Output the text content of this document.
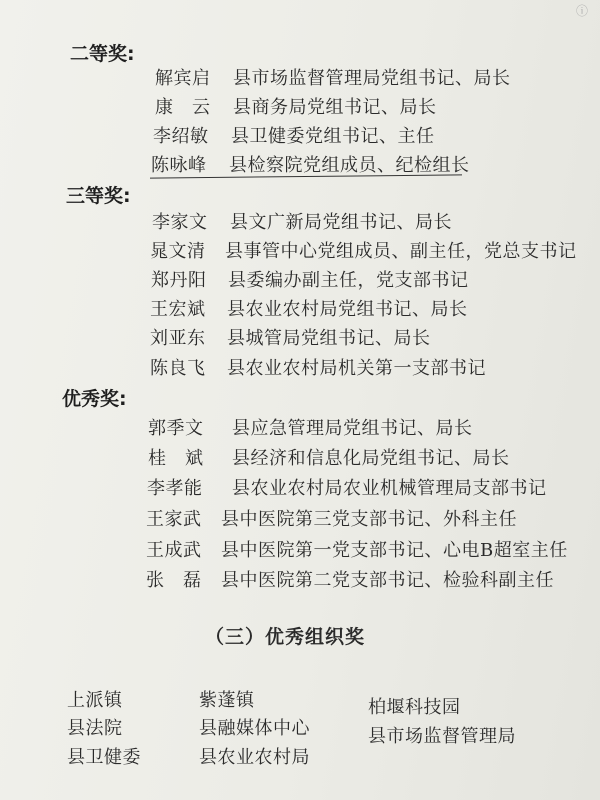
ⓘ
二等奖:
解宾启 县市场监督管理局党组书记、局长
康　云 县商务局党组书记、局长
李绍敏 县卫健委党组书记、主任
陈咏峰 县检察院党组成员、纪检组长
三等奖:
李家文 县文广新局党组书记、局长
晁文清 县事管中心党组成员、副主任，党总支书记
郑丹阳 县委编办副主任，党支部书记
王宏斌 县农业农村局党组书记、局长
刘亚东 县城管局党组书记、局长
陈良飞 县农业农村局机关第一支部书记
优秀奖:
郭季文 县应急管理局党组书记、局长
桂　斌 县经济和信息化局党组书记、局长
李孝能 县农业农村局农业机械管理局支部书记
王家武 县中医院第三党支部书记、外科主任
王成武 县中医院第一党支部书记、心电B超室主任
张　磊 县中医院第二党支部书记、检验科副主任
（三）优秀组织奖
上派镇
县法院
县卫健委
紫蓬镇
县融媒体中心
县农业农村局
柏堰科技园
县市场监督管理局
